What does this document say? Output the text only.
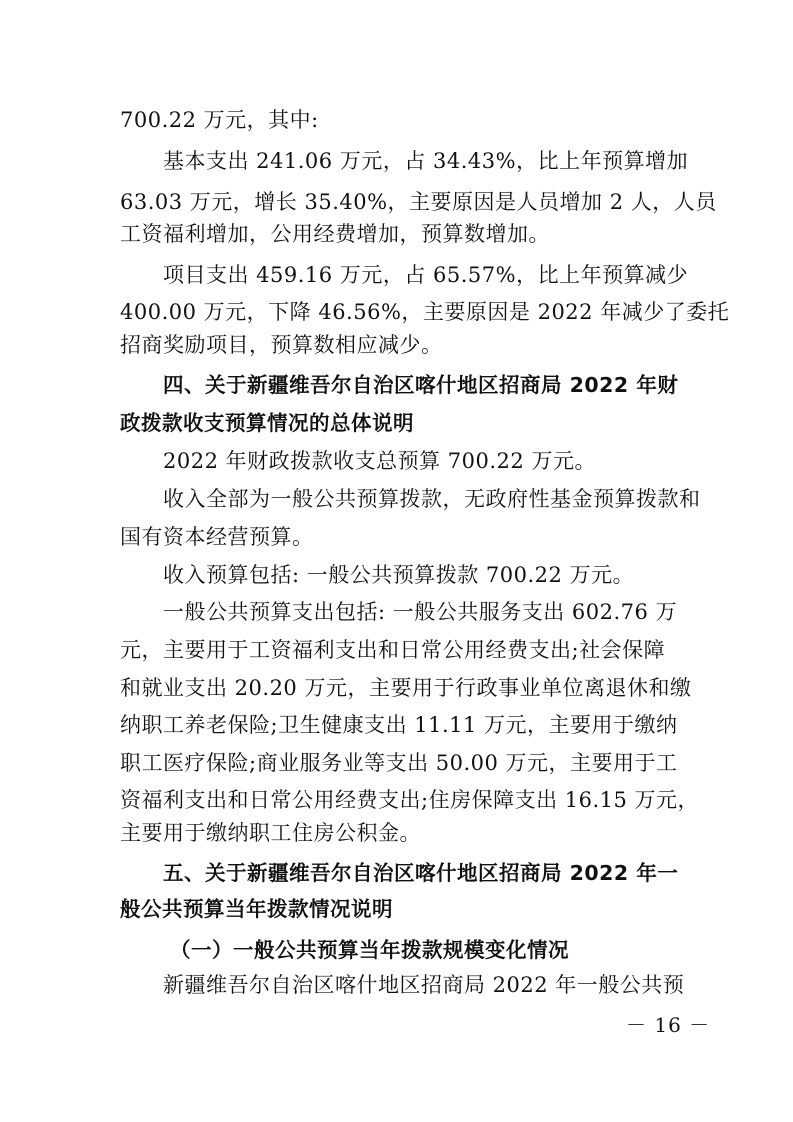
700.22 万元，其中:
基本支出 241.06 万元，占 34.43%，比上年预算增加
63.03 万元，增长 35.40%，主要原因是人员增加 2 人，人员
工资福利增加，公用经费增加，预算数增加。
项目支出 459.16 万元，占 65.57%，比上年预算减少
400.00 万元，下降 46.56%，主要原因是 2022 年减少了委托
招商奖励项目，预算数相应减少。
四、关于新疆维吾尔自治区喀什地区招商局 2022 年财
政拨款收支预算情况的总体说明
2022 年财政拨款收支总预算 700.22 万元。
收入全部为一般公共预算拨款，无政府性基金预算拨款和
国有资本经营预算。
收入预算包括: 一般公共预算拨款 700.22 万元。
一般公共预算支出包括: 一般公共服务支出 602.76 万
元，主要用于工资福利支出和日常公用经费支出;社会保障
和就业支出 20.20 万元，主要用于行政事业单位离退休和缴
纳职工养老保险;卫生健康支出 11.11 万元，主要用于缴纳
职工医疗保险;商业服务业等支出 50.00 万元，主要用于工
资福利支出和日常公用经费支出;住房保障支出 16.15 万元，
主要用于缴纳职工住房公积金。
五、关于新疆维吾尔自治区喀什地区招商局 2022 年一
般公共预算当年拨款情况说明
（一）一般公共预算当年拨款规模变化情况
新疆维吾尔自治区喀什地区招商局 2022 年一般公共预
－ 16 －
